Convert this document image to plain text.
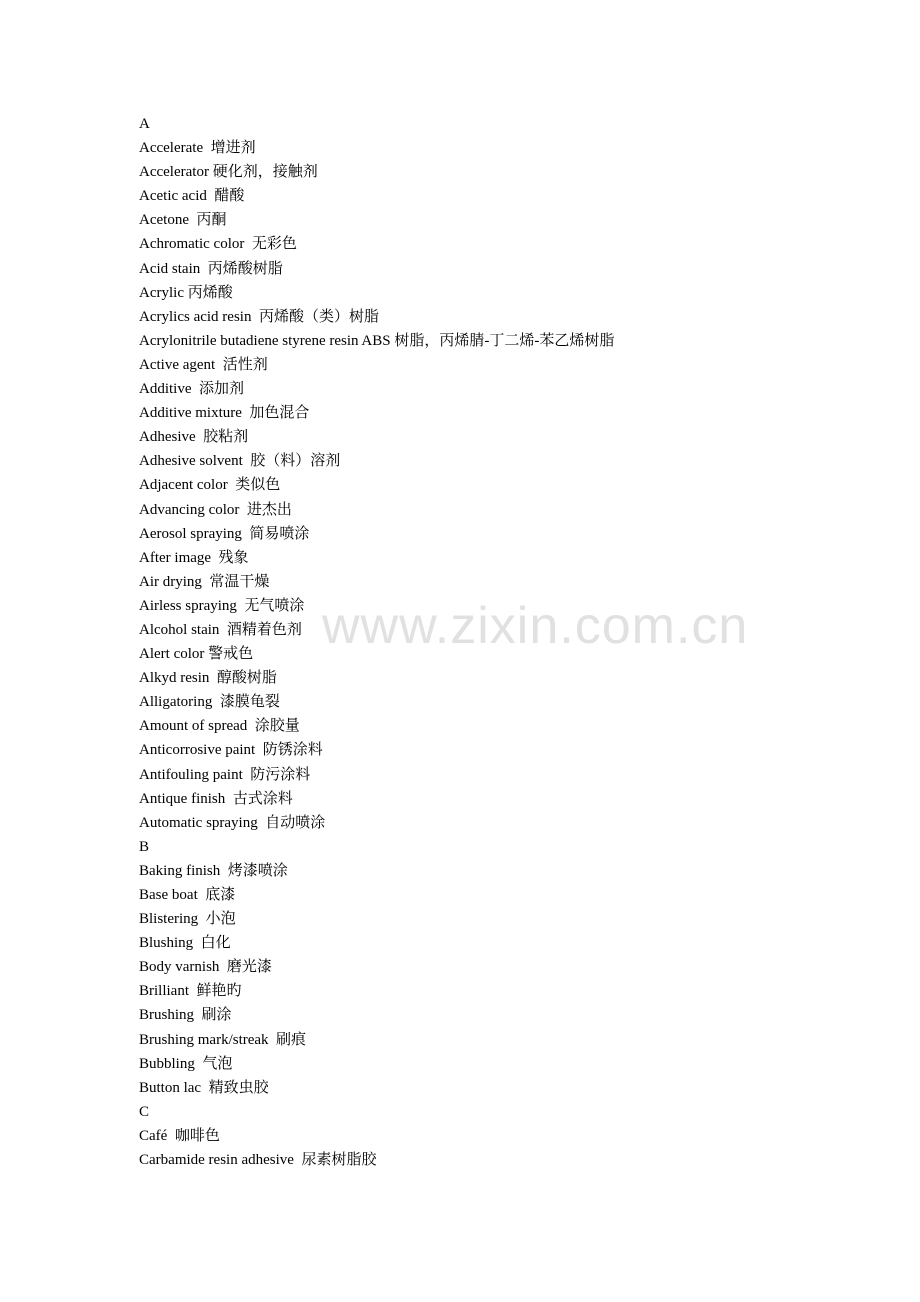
www.zixin.com.cn
A
Accelerate  增进剂
Accelerator 硬化剂，接触剂
Acetic acid  醋酸
Acetone  丙酮
Achromatic color  无彩色
Acid stain  丙烯酸树脂
Acrylic 丙烯酸
Acrylics acid resin  丙烯酸（类）树脂
Acrylonitrile butadiene styrene resin ABS 树脂，丙烯腈-丁二烯-苯乙烯树脂
Active agent  活性剂
Additive  添加剂
Additive mixture  加色混合
Adhesive  胶粘剂
Adhesive solvent  胶（料）溶剂
Adjacent color  类似色
Advancing color  进杰出
Aerosol spraying  简易喷涂
After image  残象
Air drying  常温干燥
Airless spraying  无气喷涂
Alcohol stain  酒精着色剂
Alert color 警戒色
Alkyd resin  醇酸树脂
Alligatoring  漆膜龟裂
Amount of spread  涂胶量
Anticorrosive paint  防锈涂料
Antifouling paint  防污涂料
Antique finish  古式涂料
Automatic spraying  自动喷涂
B
Baking finish  烤漆喷涂
Base boat  底漆
Blistering  小泡
Blushing  白化
Body varnish  磨光漆
Brilliant  鲜艳旳
Brushing  刷涂
Brushing mark/streak  刷痕
Bubbling  气泡
Button lac  精致虫胶
C
Café  咖啡色
Carbamide resin adhesive  尿素树脂胶
